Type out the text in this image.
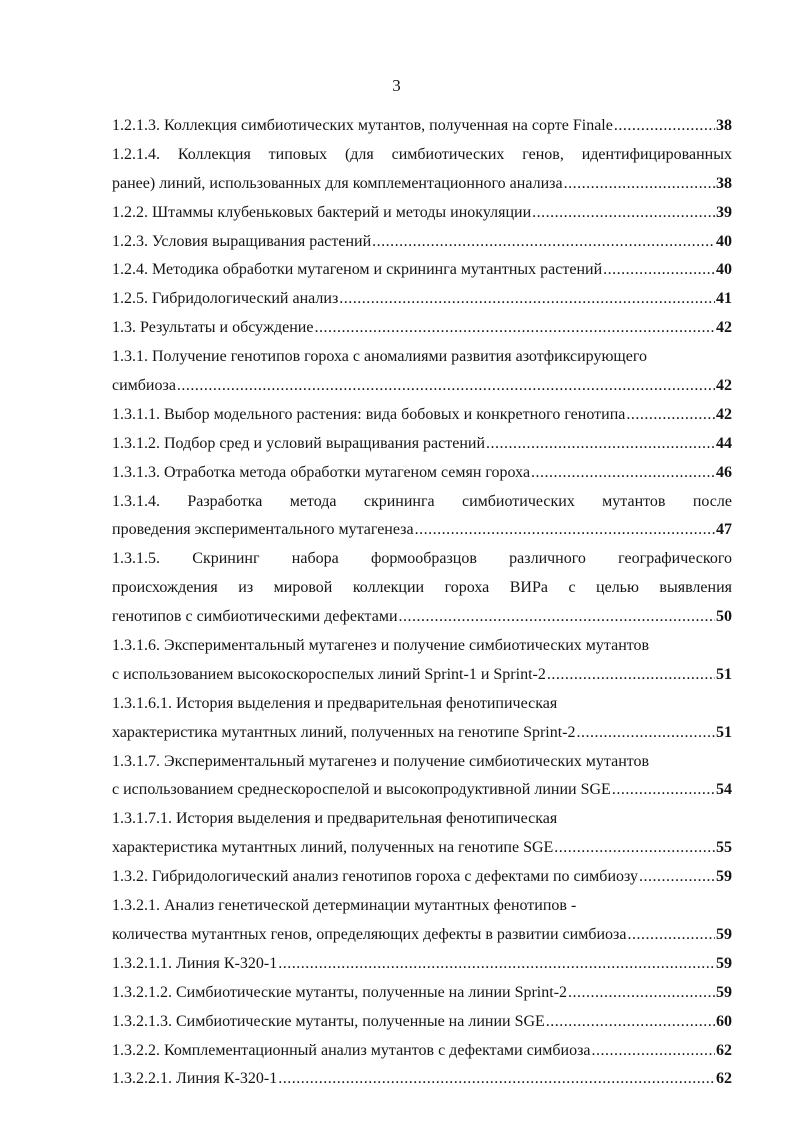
3
1.2.1.3. Коллекция симбиотических мутантов, полученная на сорте Finale .....	38
1.2.1.4. Коллекция типовых (для симбиотических генов, идентифицированных
ранее) линий, использованных для комплементационного анализа .....	38
1.2.2. Штаммы клубеньковых бактерий и методы инокуляции .....	39
1.2.3. Условия выращивания растений .....	40
1.2.4. Методика обработки мутагеном и скрининга мутантных растений .....	40
1.2.5. Гибридологический анализ .....	41
1.3. Результаты и обсуждение .....	42
1.3.1. Получение генотипов гороха с аномалиями развития азотфиксирующего
симбиоза .....	42
1.3.1.1. Выбор модельного растения: вида бобовых и конкретного генотипа .....	42
1.3.1.2. Подбор сред и условий выращивания растений .....	44
1.3.1.3. Отработка метода обработки мутагеном семян гороха .....	46
1.3.1.4. Разработка метода скрининга симбиотических мутантов после
проведения экспериментального мутагенеза .....	47
1.3.1.5. Скрининг набора формообразцов различного географического
происхождения из мировой коллекции гороха ВИРа с целью выявления
генотипов с симбиотическими дефектами .....	50
1.3.1.6. Экспериментальный мутагенез и получение симбиотических мутантов
с использованием высокоскороспелых линий Sprint-1 и Sprint-2 .....	51
1.3.1.6.1. История выделения и предварительная фенотипическая
характеристика мутантных линий, полученных на генотипе Sprint-2 .....	51
1.3.1.7. Экспериментальный мутагенез и получение симбиотических мутантов
с использованием среднескороспелой и высокопродуктивной линии SGE .....	54
1.3.1.7.1. История выделения и предварительная фенотипическая
характеристика мутантных линий, полученных на генотипе SGE .....	55
1.3.2. Гибридологический анализ генотипов гороха с дефектами по симбиозу .....	59
1.3.2.1. Анализ генетической детерминации мутантных фенотипов -
количества мутантных генов, определяющих дефекты в развитии симбиоза .....	59
1.3.2.1.1. Линия К-320-1 .....	59
1.3.2.1.2. Симбиотические мутанты, полученные на линии Sprint-2 .....	59
1.3.2.1.3. Симбиотические мутанты, полученные на линии SGE .....	60
1.3.2.2. Комплементационный анализ мутантов с дефектами симбиоза .....	62
1.3.2.2.1. Линия К-320-1 .....	62
